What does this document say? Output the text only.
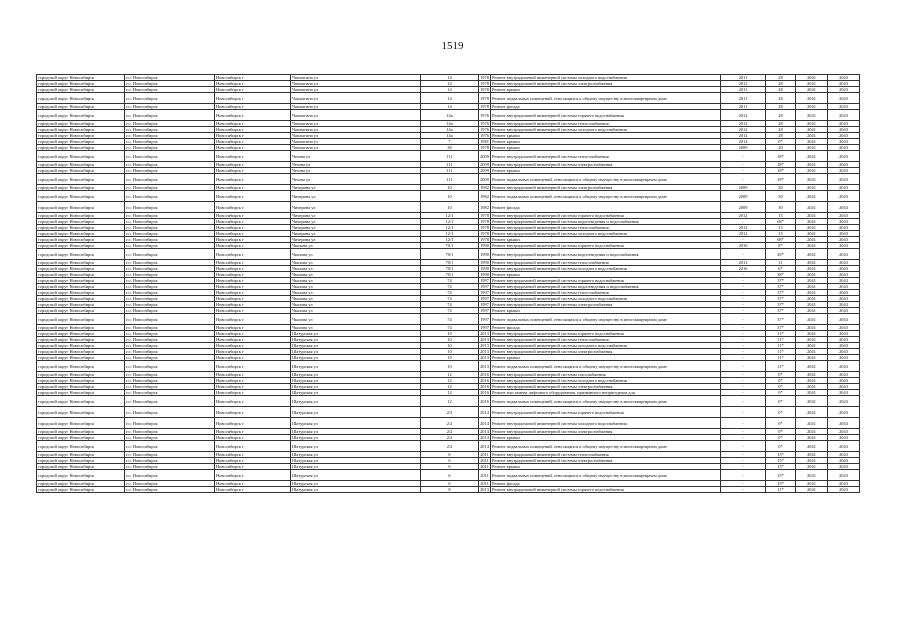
1519
городской округ Новосибирск	г.о. Новосибирск	Новосибирск г	Чаплыгина ул	14	1978	Ремонт внутридомовой инженерной системы холодного водоснабжения	2011	28	2041	2043
городской округ Новосибирск	г.о. Новосибирск	Новосибирск г	Чаплыгина ул	14	1978	Ремонт внутридомовой инженерной системы электроснабжения	2011	28	2041	2043
городской округ Новосибирск	г.о. Новосибирск	Новосибирск г	Чаплыгина ул	14	1978	Ремонт крыши	2011	28	2041	2043
городской округ Новосибирск	г.о. Новосибирск	Новосибирск г	Чаплыгина ул	14	1978	Ремонт подвальных помещений, относящихся к общему имуществу в многоквартирном доме	2011	28	2041	2043
городской округ Новосибирск	г.о. Новосибирск	Новосибирск г	Чаплыгина ул	14	1978	Ремонт фасада	2011	28	2041	2043
городской округ Новосибирск	г.о. Новосибирск	Новосибирск г	Чаплыгина ул	14а	1976	Ремонт внутридомовой инженерной системы горячего водоснабжения	2012	28	2041	2043
городской округ Новосибирск	г.о. Новосибирск	Новосибирск г	Чаплыгина ул	14а	1976	Ремонт внутридомовой инженерной системы теплоснабжения	2012	28	2041	2043
городской округ Новосибирск	г.о. Новосибирск	Новосибирск г	Чаплыгина ул	14а	1976	Ремонт внутридомовой инженерной системы холодного водоснабжения	2012	28	2041	2043
городской округ Новосибирск	г.о. Новосибирск	Новосибирск г	Чаплыгина ул	14а	1976	Ремонт крыши	2012	28	2041	2043
городской округ Новосибирск	г.о. Новосибирск	Новосибирск г	Чаплыгина ул	7	1981	Ремонт крыши	2014	0*	2041	2043
городской округ Новосибирск	г.о. Новосибирск	Новосибирск г	Чаплыгина ул	36	1978	Ремонт крыши	2009	20	2041	2043
городской округ Новосибирск	г.о. Новосибирск	Новосибирск г	Чехова ул	111	2009	Ремонт внутридомовой инженерной системы теплоснабжения	-	18*	2041	2043
городской округ Новосибирск	г.о. Новосибирск	Новосибирск г	Чехова ул	111	2009	Ремонт внутридомовой инженерной системы электроснабжения	-	18*	2041	2043
городской округ Новосибирск	г.о. Новосибирск	Новосибирск г	Чехова ул	111	2009	Ремонт крыши	-	18*	2041	2043
городской округ Новосибирск	г.о. Новосибирск	Новосибирск г	Чехова ул	111	2009	Ремонт подвальных помещений, относящихся к общему имуществу в многоквартирном доме	-	18*	2041	2043
городской округ Новосибирск	г.о. Новосибирск	Новосибирск г	Чичерина ул	10	1982	Ремонт внутридомовой инженерной системы электроснабжения	2009	30	2041	2043
городской округ Новосибирск	г.о. Новосибирск	Новосибирск г	Чичерина ул	10	1982	Ремонт подвальных помещений, относящихся к общему имуществу в многоквартирном доме	2009	30	2041	2043
городской округ Новосибирск	г.о. Новосибирск	Новосибирск г	Чичерина ул	10	1982	Ремонт фасада	2009	30	2041	2043
городской округ Новосибирск	г.о. Новосибирск	Новосибирск г	Чичерина ул	12/1	1978	Ремонт внутридомовой инженерной системы горячего водоснабжения	2012	15	2041	2043
городской округ Новосибирск	г.о. Новосибирск	Новосибирск г	Чичерина ул	12/1	1978	Ремонт внутридомовой инженерной системы водоотведения и водоснабжения	-	68*	2041	2043
городской округ Новосибирск	г.о. Новосибирск	Новосибирск г	Чичерина ул	12/1	1978	Ремонт внутридомовой инженерной системы теплоснабжения	2012	15	2041	2043
городской округ Новосибирск	г.о. Новосибирск	Новосибирск г	Чичерина ул	12/1	1978	Ремонт внутридомовой инженерной системы холодного водоснабжения	2012	15	2041	2043
городской округ Новосибирск	г.о. Новосибирск	Новосибирск г	Чичерина ул	12/1	1978	Ремонт крыши	-	68*	2041	2043
городской округ Новосибирск	г.о. Новосибирск	Новосибирск г	Чкалова ул	70/1	1990	Ремонт внутридомовой инженерной системы горячего водоснабжения	2016	8*	2041	2043
городской округ Новосибирск	г.о. Новосибирск	Новосибирск г	Чкалова ул	70/1	1990	Ремонт внутридомовой инженерной системы водоотведения и водоснабжения	-	49*	2041	2043
городской округ Новосибирск	г.о. Новосибирск	Новосибирск г	Чкалова ул	70/1	1990	Ремонт внутридомовой инженерной системы теплоснабжения	2013	11	2041	2043
городской округ Новосибирск	г.о. Новосибирск	Новосибирск г	Чкалова ул	70/1	1990	Ремонт внутридомовой инженерной системы холодного водоснабжения	2016	6*	2041	2043
городской округ Новосибирск	г.о. Новосибирск	Новосибирск г	Чкалова ул	70/1	1990	Ремонт крыши	-	38*	2041	2043
городской округ Новосибирск	г.о. Новосибирск	Новосибирск г	Чкалова ул	74	1997	Ремонт внутридомовой инженерной системы горячего водоснабжения	-	37*	2041	2043
городской округ Новосибирск	г.о. Новосибирск	Новосибирск г	Чкалова ул	74	1997	Ремонт внутридомовой инженерной системы водоотведения и водоснабжения	-	37*	2041	2043
городской округ Новосибирск	г.о. Новосибирск	Новосибирск г	Чкалова ул	74	1997	Ремонт внутридомовой инженерной системы теплоснабжения	-	37*	2041	2043
городской округ Новосибирск	г.о. Новосибирск	Новосибирск г	Чкалова ул	74	1997	Ремонт внутридомовой инженерной системы холодного водоснабжения	-	37*	2041	2043
городской округ Новосибирск	г.о. Новосибирск	Новосибирск г	Чкалова ул	74	1997	Ремонт внутридомовой инженерной системы электроснабжения	-	37*	2041	2043
городской округ Новосибирск	г.о. Новосибирск	Новосибирск г	Чкалова ул	74	1997	Ремонт крыши	-	37*	2041	2043
городской округ Новосибирск	г.о. Новосибирск	Новосибирск г	Чкалова ул	74	1997	Ремонт подвальных помещений, относящихся к общему имуществу в многоквартирном доме	-	37*	2041	2043
городской округ Новосибирск	г.о. Новосибирск	Новосибирск г	Чкалова ул	74	1997	Ремонт фасада	-	37*	2041	2043
городской округ Новосибирск	г.о. Новосибирск	Новосибирск г	Шатурская ул	10	2013	Ремонт внутридомовой инженерной системы горячего водоснабжения	-	11*	2041	2043
городской округ Новосибирск	г.о. Новосибирск	Новосибирск г	Шатурская ул	10	2013	Ремонт внутридомовой инженерной системы теплоснабжения	-	11*	2041	2043
городской округ Новосибирск	г.о. Новосибирск	Новосибирск г	Шатурская ул	10	2013	Ремонт внутридомовой инженерной системы холодного водоснабжения	-	11*	2041	2043
городской округ Новосибирск	г.о. Новосибирск	Новосибирск г	Шатурская ул	10	2013	Ремонт внутридомовой инженерной системы электроснабжения	-	11*	2041	2043
городской округ Новосибирск	г.о. Новосибирск	Новосибирск г	Шатурская ул	10	2013	Ремонт крыши	-	11*	2041	2043
городской округ Новосибирск	г.о. Новосибирск	Новосибирск г	Шатурская ул	10	2013	Ремонт подвальных помещений, относящихся к общему имуществу в многоквартирном доме	-	11*	2041	2043
городской округ Новосибирск	г.о. Новосибирск	Новосибирск г	Шатурская ул	12	2016	Ремонт внутридомовой инженерной системы газоснабжения	-	0*	2041	2043
городской округ Новосибирск	г.о. Новосибирск	Новосибирск г	Шатурская ул	12	2016	Ремонт внутридомовой инженерной системы холодного водоснабжения	-	0*	2041	2043
городской округ Новосибирск	г.о. Новосибирск	Новосибирск г	Шатурская ул	12	2016	Ремонт внутридомовой инженерной системы электроснабжения	-	0*	2041	2043
городской округ Новосибирск	г.о. Новосибирск	Новосибирск г	Шатурская ул	12	2016	Ремонт или замена лифтового оборудования, признанного непригодным для	-	0*	2041	2043
городской округ Новосибирск	г.о. Новосибирск	Новосибирск г	Шатурская ул	12	2016	Ремонт подвальных помещений, относящихся к общему имуществу в многоквартирном доме	-	0*	2041	2043
городской округ Новосибирск	г.о. Новосибирск	Новосибирск г	Шатурская ул	2/2	2014	Ремонт внутридомовой инженерной системы горячего водоснабжения	-	0*	2041	2043
городской округ Новосибирск	г.о. Новосибирск	Новосибирск г	Шатурская ул	2/2	2014	Ремонт внутридомовой инженерной системы холодного водоснабжения	-	0*	2041	2043
городской округ Новосибирск	г.о. Новосибирск	Новосибирск г	Шатурская ул	2/2	2014	Ремонт внутридомовой инженерной системы электроснабжения	-	0*	2041	2043
городской округ Новосибирск	г.о. Новосибирск	Новосибирск г	Шатурская ул	2/2	2014	Ремонт крыши	-	0*	2041	2043
городской округ Новосибирск	г.о. Новосибирск	Новосибирск г	Шатурская ул	2/2	2014	Ремонт подвальных помещений, относящихся к общему имуществу в многоквартирном доме	-	0*	2041	2043
городской округ Новосибирск	г.о. Новосибирск	Новосибирск г	Шатурская ул	6	2011	Ремонт внутридомовой инженерной системы теплоснабжения	-	15*	2041	2043
городской округ Новосибирск	г.о. Новосибирск	Новосибирск г	Шатурская ул	6	2011	Ремонт внутридомовой инженерной системы электроснабжения	-	15*	2041	2043
городской округ Новосибирск	г.о. Новосибирск	Новосибирск г	Шатурская ул	6	2011	Ремонт крыши	-	15*	2041	2043
городской округ Новосибирск	г.о. Новосибирск	Новосибирск г	Шатурская ул	6	2011	Ремонт подвальных помещений, относящихся к общему имуществу в многоквартирном доме	-	15*	2041	2043
городской округ Новосибирск	г.о. Новосибирск	Новосибирск г	Шатурская ул	6	2011	Ремонт фасада	-	15*	2041	2043
городской округ Новосибирск	г.о. Новосибирск	Новосибирск г	Шатурская ул	8	2013	Ремонт внутридомовой инженерной системы горячего водоснабжения	-	11*	2041	2043
